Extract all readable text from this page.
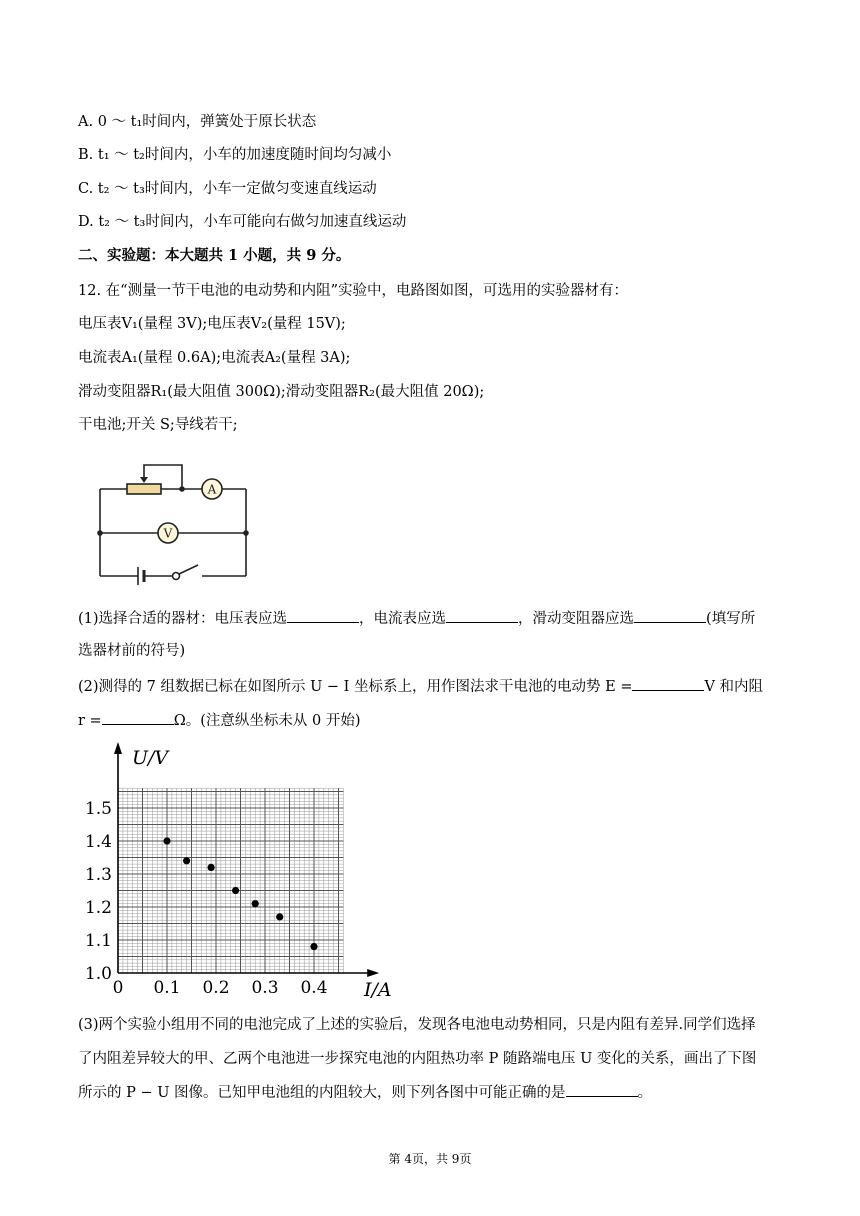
A. 0 ～ t₁时间内，弹簧处于原长状态
B. t₁ ～ t₂时间内，小车的加速度随时间均匀减小
C. t₂ ～ t₃时间内，小车一定做匀变速直线运动
D. t₂ ～ t₃时间内，小车可能向右做匀加速直线运动
二、实验题：本大题共 1 小题，共 9 分。
12. 在“测量一节干电池的电动势和内阻”实验中，电路图如图，可选用的实验器材有：
电压表V₁(量程 3V);电压表V₂(量程 15V);
电流表A₁(量程 0.6A);电流表A₂(量程 3A);
滑动变阻器R₁(最大阻值 300Ω);滑动变阻器R₂(最大阻值 20Ω);
干电池;开关 S;导线若干;
A
V
(1)选择合适的器材：电压表应选	，电流表应选	，滑动变阻器应选	(填写所
选器材前的符号)
(2)测得的 7 组数据已标在如图所示 U − I 坐标系上，用作图法求干电池的电动势 E =	V 和内阻
r =	Ω。(注意纵坐标未从 0 开始)
0 0.1 0.2 0.3 0.4
1.0
1.1
1.2
1.3
1.4
1.5
U/V
I/A
(3)两个实验小组用不同的电池完成了上述的实验后，发现各电池电动势相同，只是内阻有差异.同学们选择
了内阻差异较大的甲、乙两个电池进一步探究电池的内阻热功率 P 随路端电压 U 变化的关系，画出了下图
所示的 P − U 图像。已知甲电池组的内阻较大，则下列各图中可能正确的是	。
第 4页，共 9页
